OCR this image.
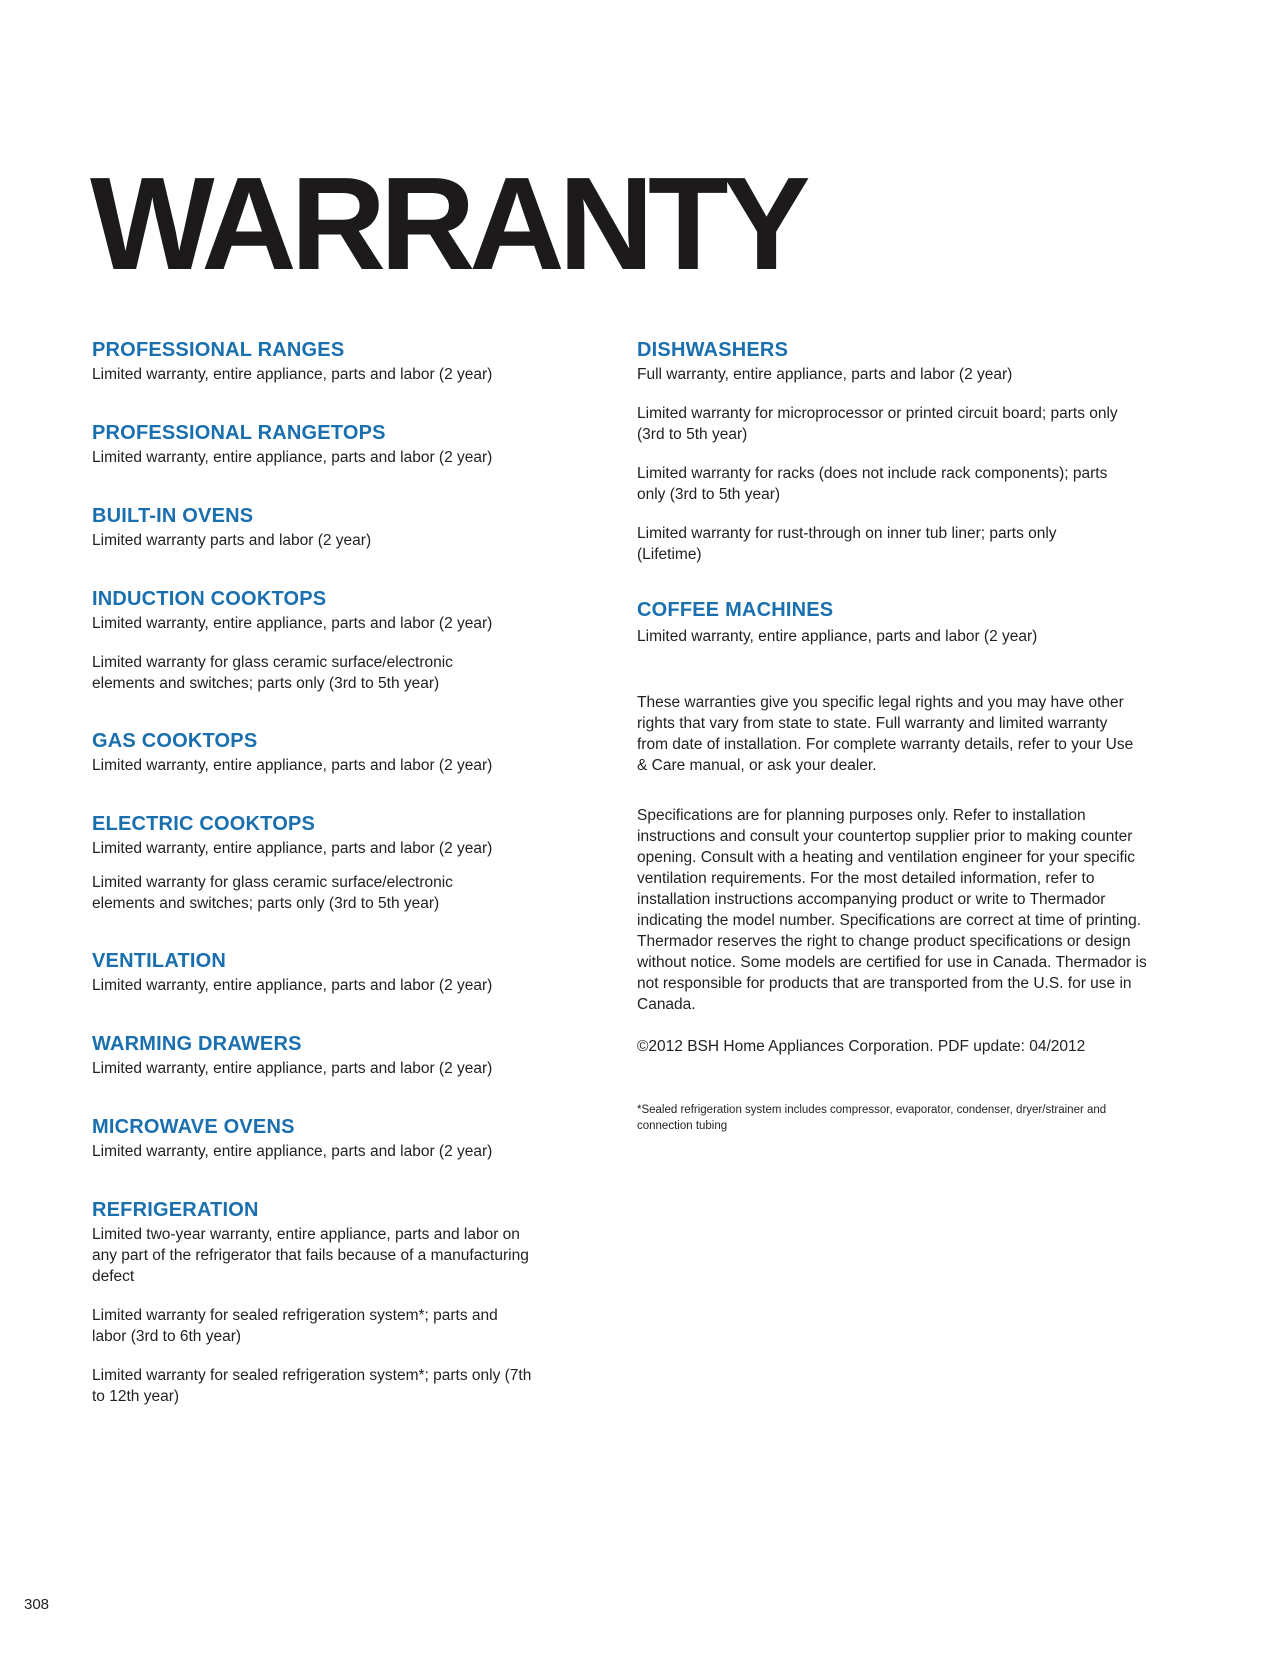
WARRANTY
PROFESSIONAL RANGES

Limited warranty, entire appliance, parts and labor (2 year)

PROFESSIONAL RANGETOPS

Limited warranty, entire appliance, parts and labor (2 year)

BUILT-IN OVENS

Limited warranty parts and labor (2 year)

INDUCTION COOKTOPS

Limited warranty, entire appliance, parts and labor (2 year)

Limited warranty for glass ceramic surface/electronic elements and switches; parts only (3rd to 5th year)

GAS COOKTOPS

Limited warranty, entire appliance, parts and labor (2 year)

ELECTRIC COOKTOPS

Limited warranty, entire appliance, parts and labor (2 year)

Limited warranty for glass ceramic surface/electronic elements and switches; parts only (3rd to 5th year)

VENTILATION

Limited warranty, entire appliance, parts and labor (2 year)

WARMING DRAWERS

Limited warranty, entire appliance, parts and labor (2 year)

MICROWAVE OVENS

Limited warranty, entire appliance, parts and labor (2 year)

REFRIGERATION

Limited two-year warranty, entire appliance, parts and labor on any part of the refrigerator that fails because of a manufacturing defect

Limited warranty for sealed refrigeration system*; parts and labor (3rd to 6th year)

Limited warranty for sealed refrigeration system*; parts only (7th to 12th year)

DISHWASHERS

Full warranty, entire appliance, parts and labor (2 year)

Limited warranty for microprocessor or printed circuit board; parts only (3rd to 5th year)

Limited warranty for racks (does not include rack components); parts only (3rd to 5th year)

Limited warranty for rust-through on inner tub liner; parts only (Lifetime)

COFFEE MACHINES

Limited warranty, entire appliance, parts and labor (2 year)

These warranties give you specific legal rights and you may have other rights that vary from state to state. Full warranty and limited warranty from date of installation. For complete warranty details, refer to your Use & Care manual, or ask your dealer.

Specifications are for planning purposes only. Refer to installation instructions and consult your countertop supplier prior to making counter opening. Consult with a heating and ventilation engineer for your specific ventilation requirements. For the most detailed information, refer to installation instructions accompanying product or write to Thermador indicating the model number. Specifications are correct at time of printing. Thermador reserves the right to change product specifications or design without notice. Some models are certified for use in Canada. Thermador is not responsible for products that are transported from the U.S. for use in Canada.

©2012 BSH Home Appliances Corporation. PDF update: 04/2012

*Sealed refrigeration system includes compressor, evaporator, condenser, dryer/strainer and connection tubing

308
